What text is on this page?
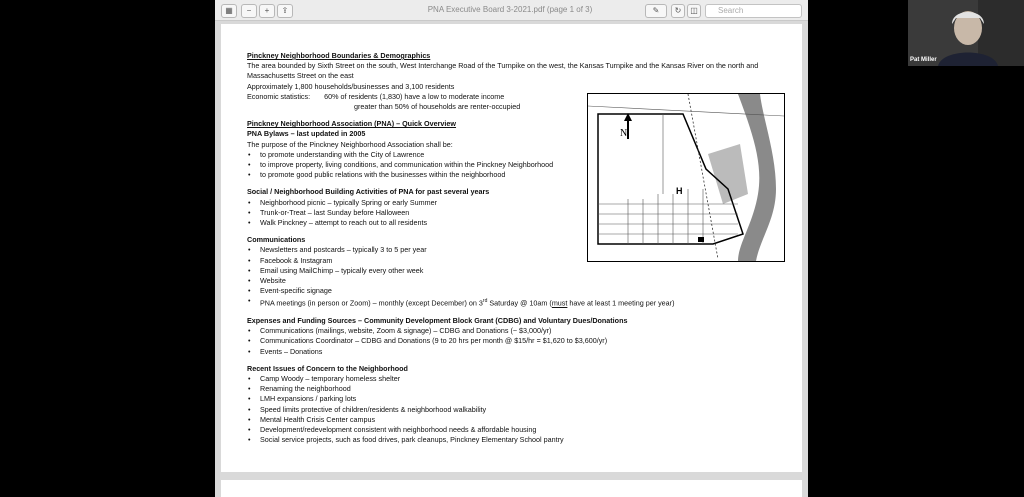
▦	−	+	⇪	PNA Executive Board 3-2021.pdf (page 1 of 3)	✎	↻	◫	Search

Pinckney Neighborhood Boundaries & Demographics

The area bounded by Sixth Street on the south, West Interchange Road of the Turnpike on the west, the Kansas Turnpike and the Kansas River on the north and Massachusetts Street on the east

Approximately 1,800 households/businesses and 3,100 residents

Economic statistics: 60% of residents (1,830) have a low to moderate income

greater than 50% of households are renter-occupied

Pinckney Neighborhood Association (PNA) – Quick Overview

PNA Bylaws – last updated in 2005

The purpose of the Pinckney Neighborhood Association shall be:

• to promote understanding with the City of Lawrence
• to improve property, living conditions, and communication within the Pinckney Neighborhood
• to promote good public relations with the businesses within the neighborhood

Social / Neighborhood Building Activities of PNA for past several years

• Neighborhood picnic – typically Spring or early Summer
• Trunk-or-Treat – last Sunday before Halloween
• Walk Pinckney – attempt to reach out to all residents

Communications

• Newsletters and postcards – typically 3 to 5 per year
• Facebook & Instagram
• Email using MailChimp – typically every other week
• Website
• Event-specific signage
• PNA meetings (in person or Zoom) – monthly (except December) on 3rd Saturday @ 10am (must have at least 1 meeting per year)

Expenses and Funding Sources – Community Development Block Grant (CDBG) and Voluntary Dues/Donations

• Communications (mailings, website, Zoom & signage) – CDBG and Donations (~ $3,000/yr)
• Communications Coordinator – CDBG and Donations (9 to 20 hrs per month @ $15/hr = $1,620 to $3,600/yr)
• Events – Donations

Recent Issues of Concern to the Neighborhood

• Camp Woody – temporary homeless shelter
• Renaming the neighborhood
• LMH expansions / parking lots
• Speed limits protective of children/residents & neighborhood walkability
• Mental Health Crisis Center campus
• Development/redevelopment consistent with neighborhood needs & affordable housing
• Social service projects, such as food drives, park cleanups, Pinckney Elementary School pantry
N
H
Pat Miller
